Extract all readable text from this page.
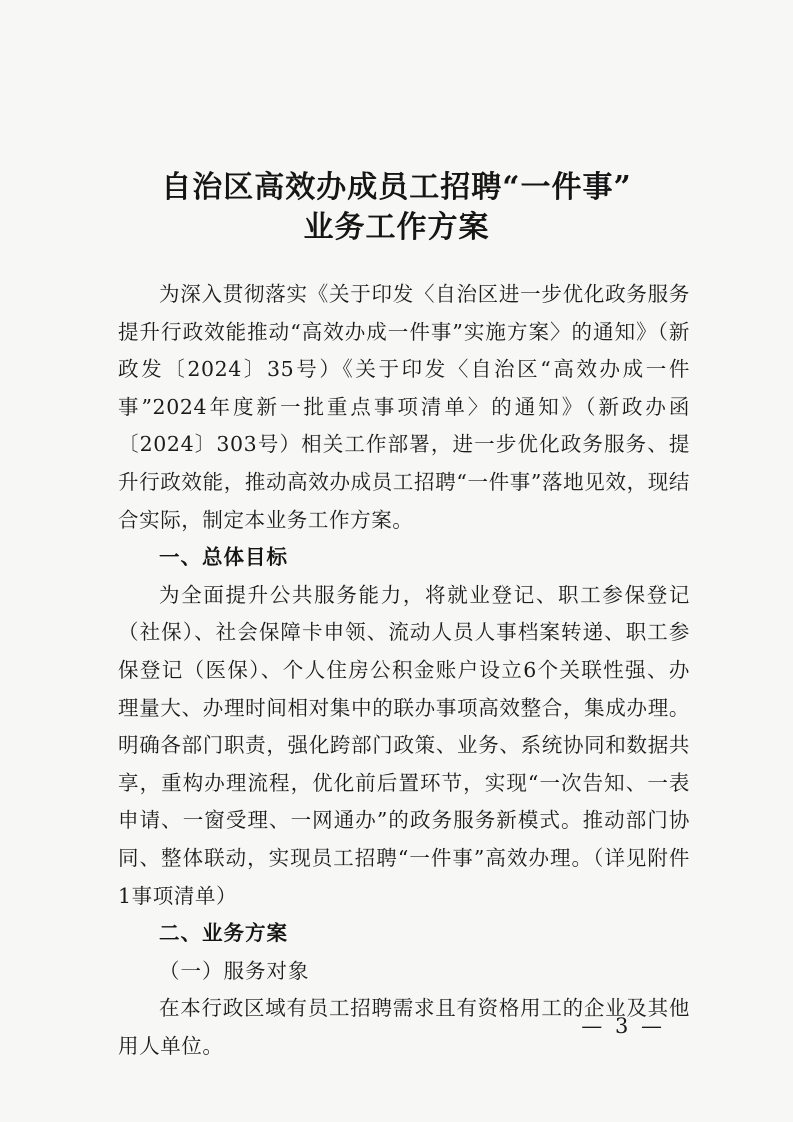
自治区高效办成员工招聘“一件事”
业务工作方案

为深入贯彻落实《关于印发〈自治区进一步优化政务服务提升行政效能推动“高效办成一件事”实施方案〉的通知》（新政发〔2024〕35号）《关于印发〈自治区“高效办成一件事”2024年度新一批重点事项清单〉的通知》（新政办函〔2024〕303号）相关工作部署，进一步优化政务服务、提升行政效能，推动高效办成员工招聘“一件事”落地见效，现结合实际，制定本业务工作方案。

一、总体目标

为全面提升公共服务能力，将就业登记、职工参保登记（社保）、社会保障卡申领、流动人员人事档案转递、职工参保登记（医保）、个人住房公积金账户设立6个关联性强、办理量大、办理时间相对集中的联办事项高效整合，集成办理。明确各部门职责，强化跨部门政策、业务、系统协同和数据共享，重构办理流程，优化前后置环节，实现“一次告知、一表申请、一窗受理、一网通办”的政务服务新模式。推动部门协同、整体联动，实现员工招聘“一件事”高效办理。（详见附件1事项清单）

二、业务方案

（一）服务对象

在本行政区域有员工招聘需求且有资格用工的企业及其他用人单位。

— 3 —
